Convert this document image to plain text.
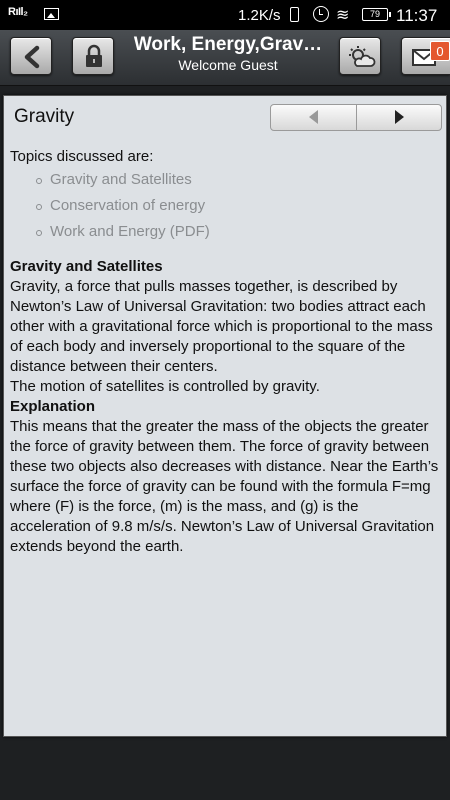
RıIl₂	1.2K/s	≋	79 11:37
Work, Energy,Grav…
Welcome Guest
0
Gravity

Topics discussed are:

Gravity and Satellites
Conservation of energy
Work and Energy (PDF)

Gravity and Satellites

Gravity, a force that pulls masses together, is described by Newton’s Law of Universal Gravitation: two bodies attract each other with a gravitational force which is proportional to the mass of each body and inversely proportional to the square of the distance between their centers.

The motion of satellites is controlled by gravity.

Explanation

This means that the greater the mass of the objects the greater the force of gravity between them. The force of gravity between these two objects also decreases with distance. Near the Earth’s surface the force of gravity can be found with the formula F=mg where (F) is the force, (m) is the mass, and (g) is the acceleration of 9.8 m/s/s. Newton’s Law of Universal Gravitation extends beyond the earth.
